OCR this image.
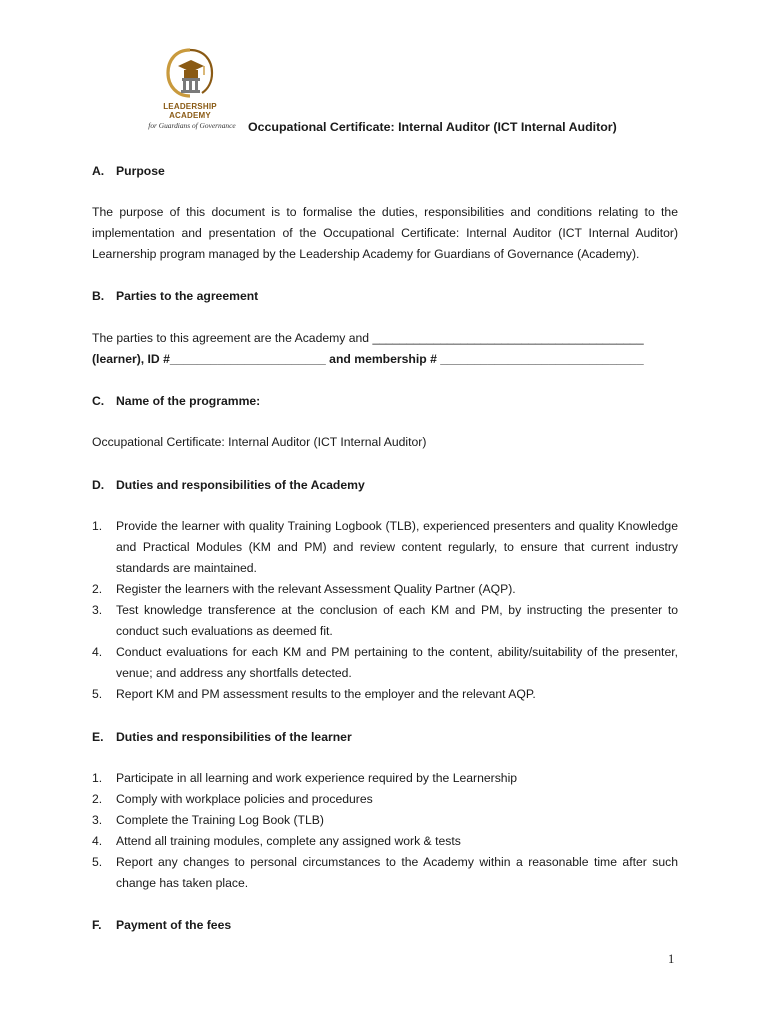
LEADERSHIP
ACADEMY
for Guardians of Governance Occupational Certificate: Internal Auditor (ICT Internal Auditor)
A. Purpose
The purpose of this document is to formalise the duties, responsibilities and conditions relating to the implementation and presentation of the Occupational Certificate: Internal Auditor (ICT Internal Auditor) Learnership program managed by the Leadership Academy for Guardians of Governance (Academy).
B. Parties to the agreement
The parties to this agreement are the Academy and ________________________________________
(learner), ID #_______________________ and membership # ______________________________
C. Name of the programme:
Occupational Certificate: Internal Auditor (ICT Internal Auditor)
D. Duties and responsibilities of the Academy
1. Provide the learner with quality Training Logbook (TLB), experienced presenters and quality Knowledge and Practical Modules (KM and PM) and review content regularly, to ensure that current industry standards are maintained.
2. Register the learners with the relevant Assessment Quality Partner (AQP).
3. Test knowledge transference at the conclusion of each KM and PM, by instructing the presenter to conduct such evaluations as deemed fit.
4. Conduct evaluations for each KM and PM pertaining to the content, ability/suitability of the presenter, venue; and address any shortfalls detected.
5. Report KM and PM assessment results to the employer and the relevant AQP.
E. Duties and responsibilities of the learner
1. Participate in all learning and work experience required by the Learnership
2. Comply with workplace policies and procedures
3. Complete the Training Log Book (TLB)
4. Attend all training modules, complete any assigned work & tests
5. Report any changes to personal circumstances to the Academy within a reasonable time after such change has taken place.
F. Payment of the fees
1
